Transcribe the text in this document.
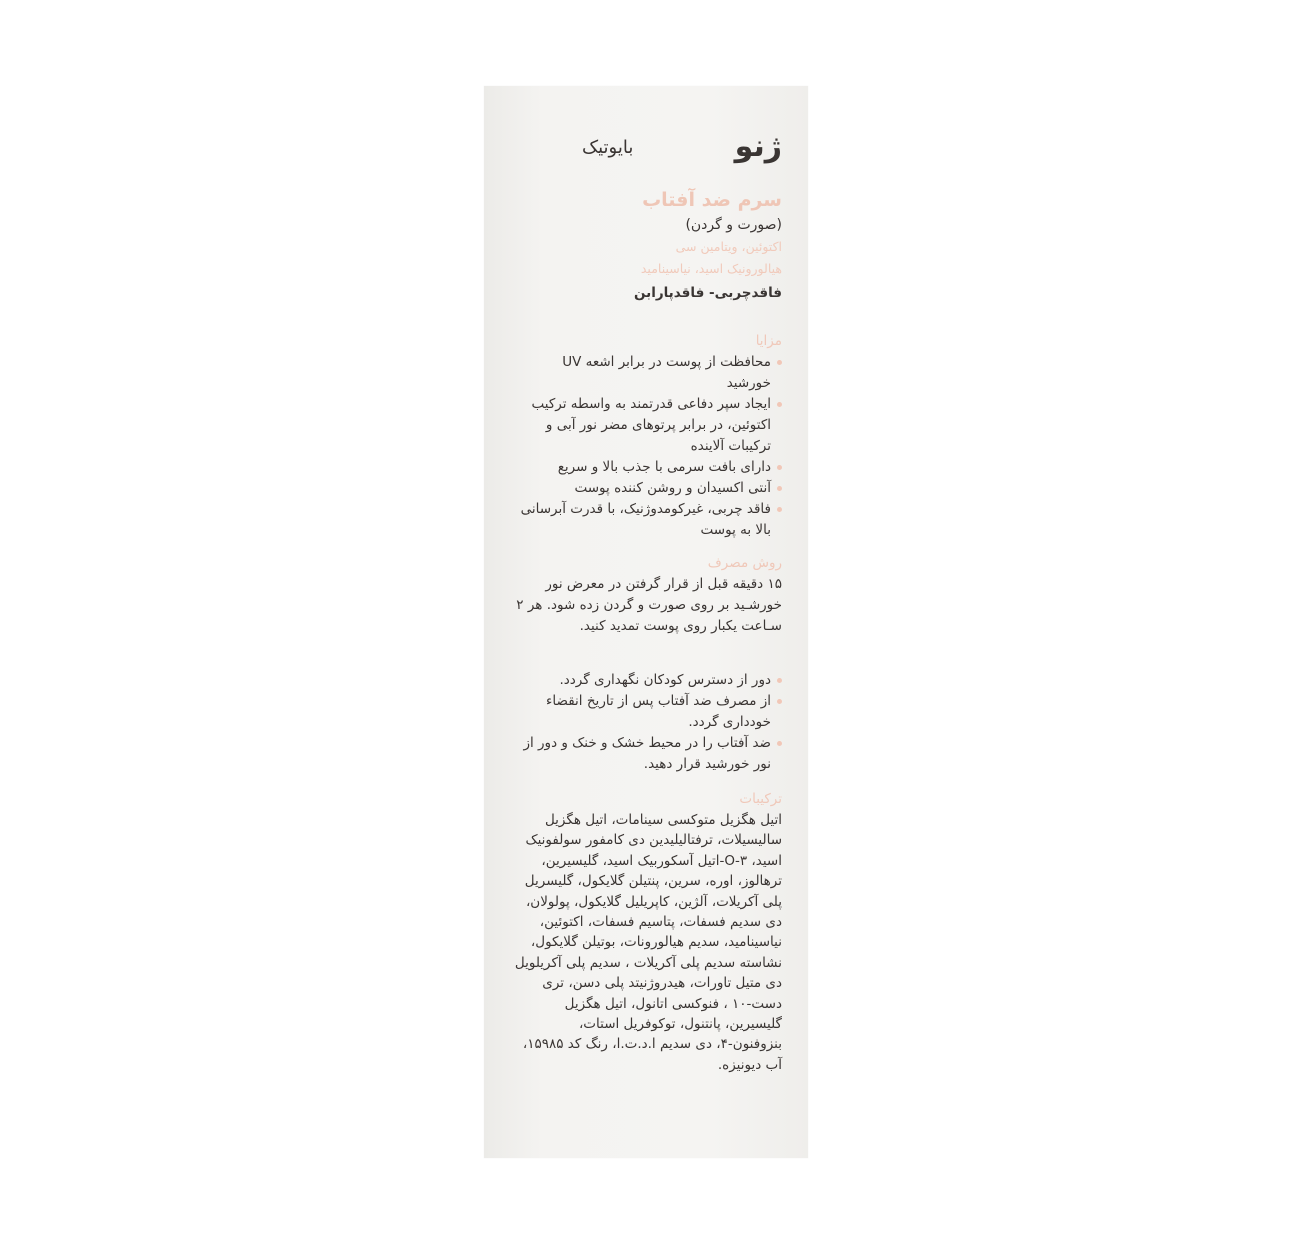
بایوتیک	ژنو

سرم ضد آفتاب

(صورت و گردن)

اکتوئین، ویتامین سی

هیالورونیک اسید، نیاسینامید

فاقدچربی- فاقدپارابن

مزایا

محافظت از پوست در برابر اشعه UV خورشید
ایجاد سپر دفاعی قدرتمند به واسطه ترکیب اکتوئین، در برابر پرتوهای مضر نور آبی و ترکیبات آلاینده
دارای بافت سرمی با جذب بالا و سریع
آنتی اکسیدان و روشن کننده پوست
فاقد چربی، غیرکومدوژنیک، با قدرت آبرسانی بالا به پوست

روش مصرف

۱۵ دقیقه قبل از قرار گرفتن در معرض نور خورشـید بر روی صورت و گردن زده شود. هر ۲ سـاعت یکبار روی پوست تمدید کنید.

دور از دسترس کودکان نگهداری گردد.
از مصرف ضد آفتاب پس از تاریخ انقضاء خودداری گردد.
ضد آفتاب را در محیط خشک و خنک و دور از نور خورشید قرار دهید.

ترکیبات

اتیل هگزیل متوکسی سینامات، اتیل هگزیل سالیسیلات، ترفتالیلیدین دی کامفور سولفونیک اسید، ۳-O-اتیل آسکوربیک اسید، گلیسیرین، ترهالوز، اوره، سرین، پنتیلن گلایکول، گلیسریل پلی آکریلات، آلژین، کاپریلیل گلایکول، پولولان، دی سدیم فسفات، پتاسیم فسفات، اکتوئین، نیاسینامید، سدیم هیالورونات، بوتیلن گلایکول، نشاسته سدیم پلی آکریلات ، سدیم پلی آکریلویل دی متیل تاورات، هیدروژنیتد پلی دسن، تری دست-۱۰ ، فنوکسی اتانول، اتیل هگزیل گلیسیرین، پانتنول، توکوفریل استات، بنزوفنون-۴، دی سدیم ا.د.ت.ا، رنگ کد ۱۵۹۸۵، آب دیونیزه.
